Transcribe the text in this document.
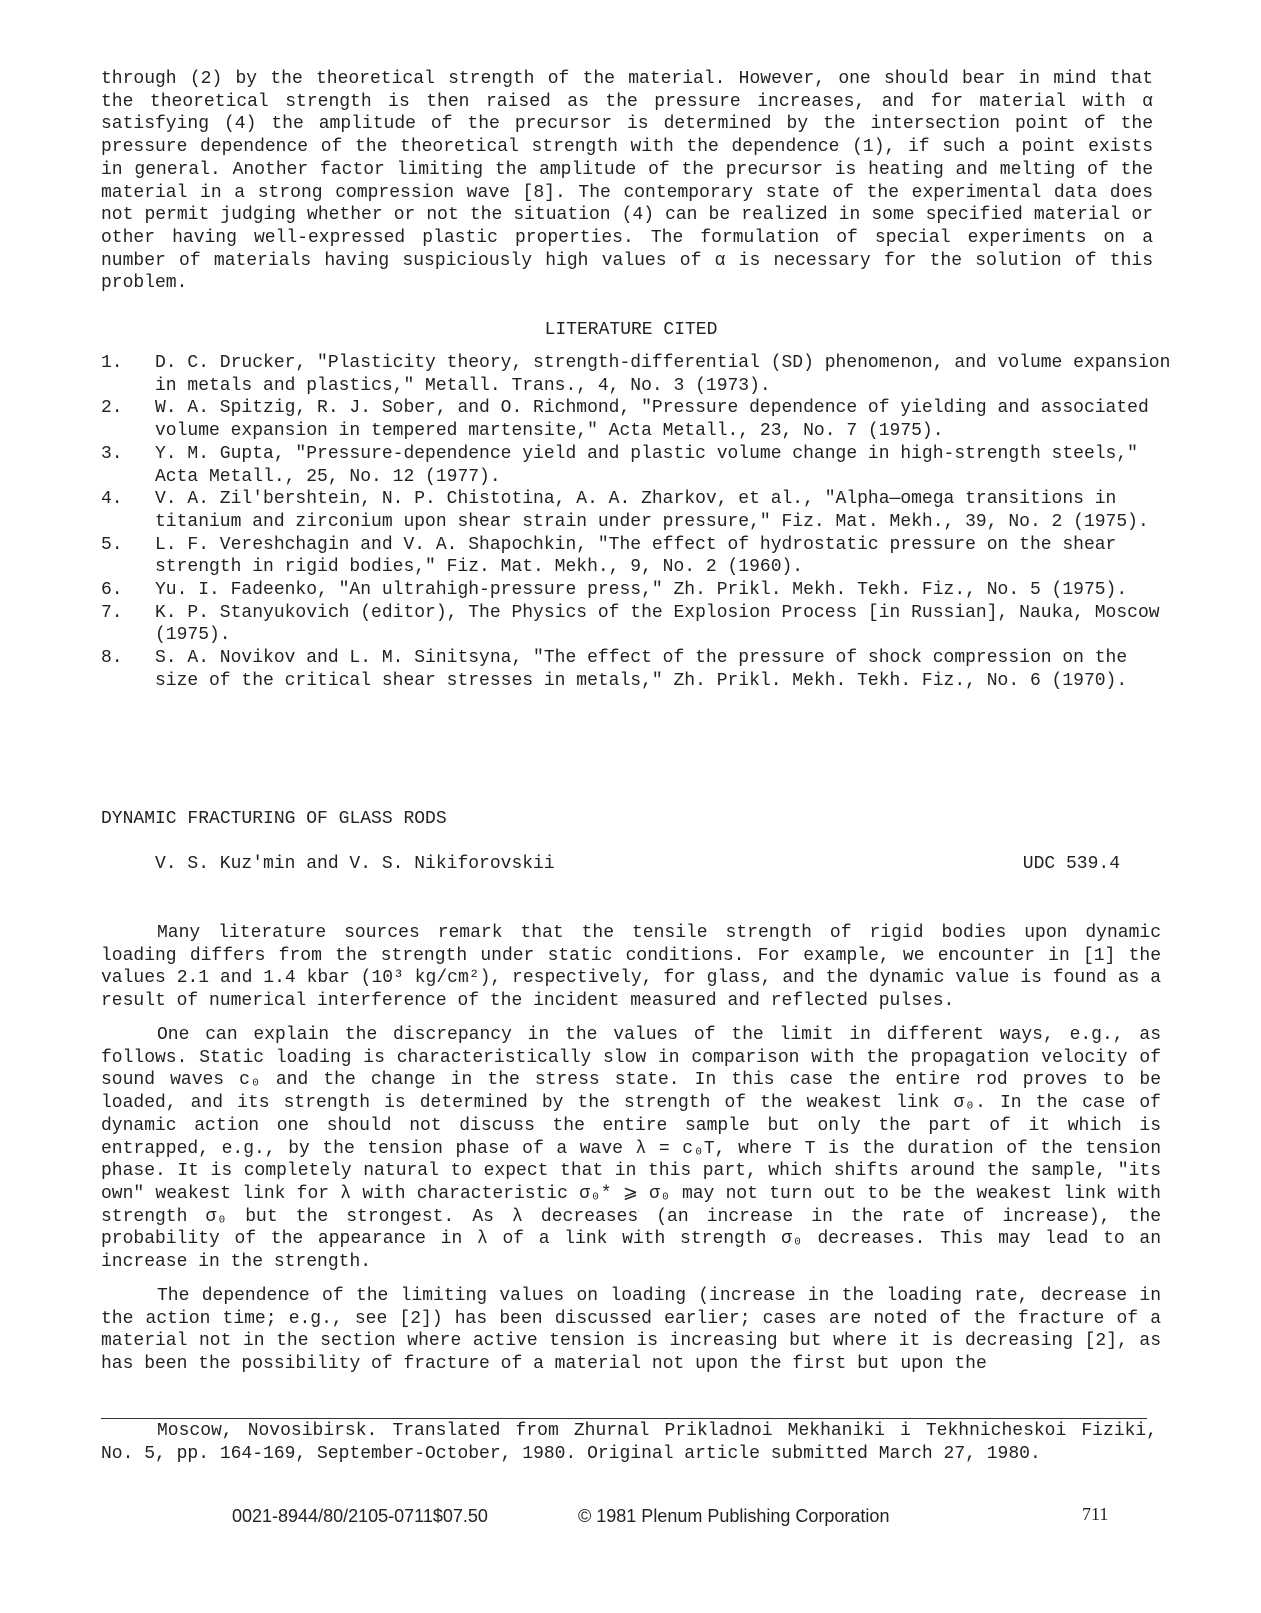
through (2) by the theoretical strength of the material. However, one should bear in mind that the theoretical strength is then raised as the pressure increases, and for material with α satisfying (4) the amplitude of the precursor is determined by the intersection point of the pressure dependence of the theoretical strength with the dependence (1), if such a point exists in general. Another factor limiting the amplitude of the precursor is heating and melting of the material in a strong compression wave [8]. The contemporary state of the experimental data does not permit judging whether or not the situation (4) can be realized in some specified material or other having well-expressed plastic properties. The formulation of special experiments on a number of materials having suspiciously high values of α is necessary for the solution of this problem.

LITERATURE CITED
1.	D. C. Drucker, "Plasticity theory, strength-differential (SD) phenomenon, and volume expansion in metals and plastics," Metall. Trans., 4, No. 3 (1973).
2.	W. A. Spitzig, R. J. Sober, and O. Richmond, "Pressure dependence of yielding and associated volume expansion in tempered martensite," Acta Metall., 23, No. 7 (1975).
3.	Y. M. Gupta, "Pressure-dependence yield and plastic volume change in high-strength steels," Acta Metall., 25, No. 12 (1977).
4.	V. A. Zil'bershtein, N. P. Chistotina, A. A. Zharkov, et al., "Alpha—omega transitions in titanium and zirconium upon shear strain under pressure," Fiz. Mat. Mekh., 39, No. 2 (1975).
5.	L. F. Vereshchagin and V. A. Shapochkin, "The effect of hydrostatic pressure on the shear strength in rigid bodies," Fiz. Mat. Mekh., 9, No. 2 (1960).
6.	Yu. I. Fadeenko, "An ultrahigh-pressure press," Zh. Prikl. Mekh. Tekh. Fiz., No. 5 (1975).
7.	K. P. Stanyukovich (editor), The Physics of the Explosion Process [in Russian], Nauka, Moscow (1975).
8.	S. A. Novikov and L. M. Sinitsyna, "The effect of the pressure of shock compression on the size of the critical shear stresses in metals," Zh. Prikl. Mekh. Tekh. Fiz., No. 6 (1970).
DYNAMIC FRACTURING OF GLASS RODS
V. S. Kuz'min and V. S. Nikiforovskii	UDC 539.4

Many literature sources remark that the tensile strength of rigid bodies upon dynamic loading differs from the strength under static conditions. For example, we encounter in [1] the values 2.1 and 1.4 kbar (10³ kg/cm²), respectively, for glass, and the dynamic value is found as a result of numerical interference of the incident measured and reflected pulses.

One can explain the discrepancy in the values of the limit in different ways, e.g., as follows. Static loading is characteristically slow in comparison with the propagation velocity of sound waves c₀ and the change in the stress state. In this case the entire rod proves to be loaded, and its strength is determined by the strength of the weakest link σ₀. In the case of dynamic action one should not discuss the entire sample but only the part of it which is entrapped, e.g., by the tension phase of a wave λ = c₀T, where T is the duration of the tension phase. It is completely natural to expect that in this part, which shifts around the sample, "its own" weakest link for λ with characteristic σ₀* ⩾ σ₀ may not turn out to be the weakest link with strength σ₀ but the strongest. As λ decreases (an increase in the rate of increase), the probability of the appearance in λ of a link with strength σ₀ decreases. This may lead to an increase in the strength.

The dependence of the limiting values on loading (increase in the loading rate, decrease in the action time; e.g., see [2]) has been discussed earlier; cases are noted of the fracture of a material not in the section where active tension is increasing but where it is decreasing [2], as has been the possibility of fracture of a material not upon the first but upon the

Moscow, Novosibirsk. Translated from Zhurnal Prikladnoi Mekhaniki i Tekhnicheskoi Fiziki, No. 5, pp. 164-169, September-October, 1980. Original article submitted March 27, 1980.

0021-8944/80/2105-0711$07.50	© 1981 Plenum Publishing Corporation	711
